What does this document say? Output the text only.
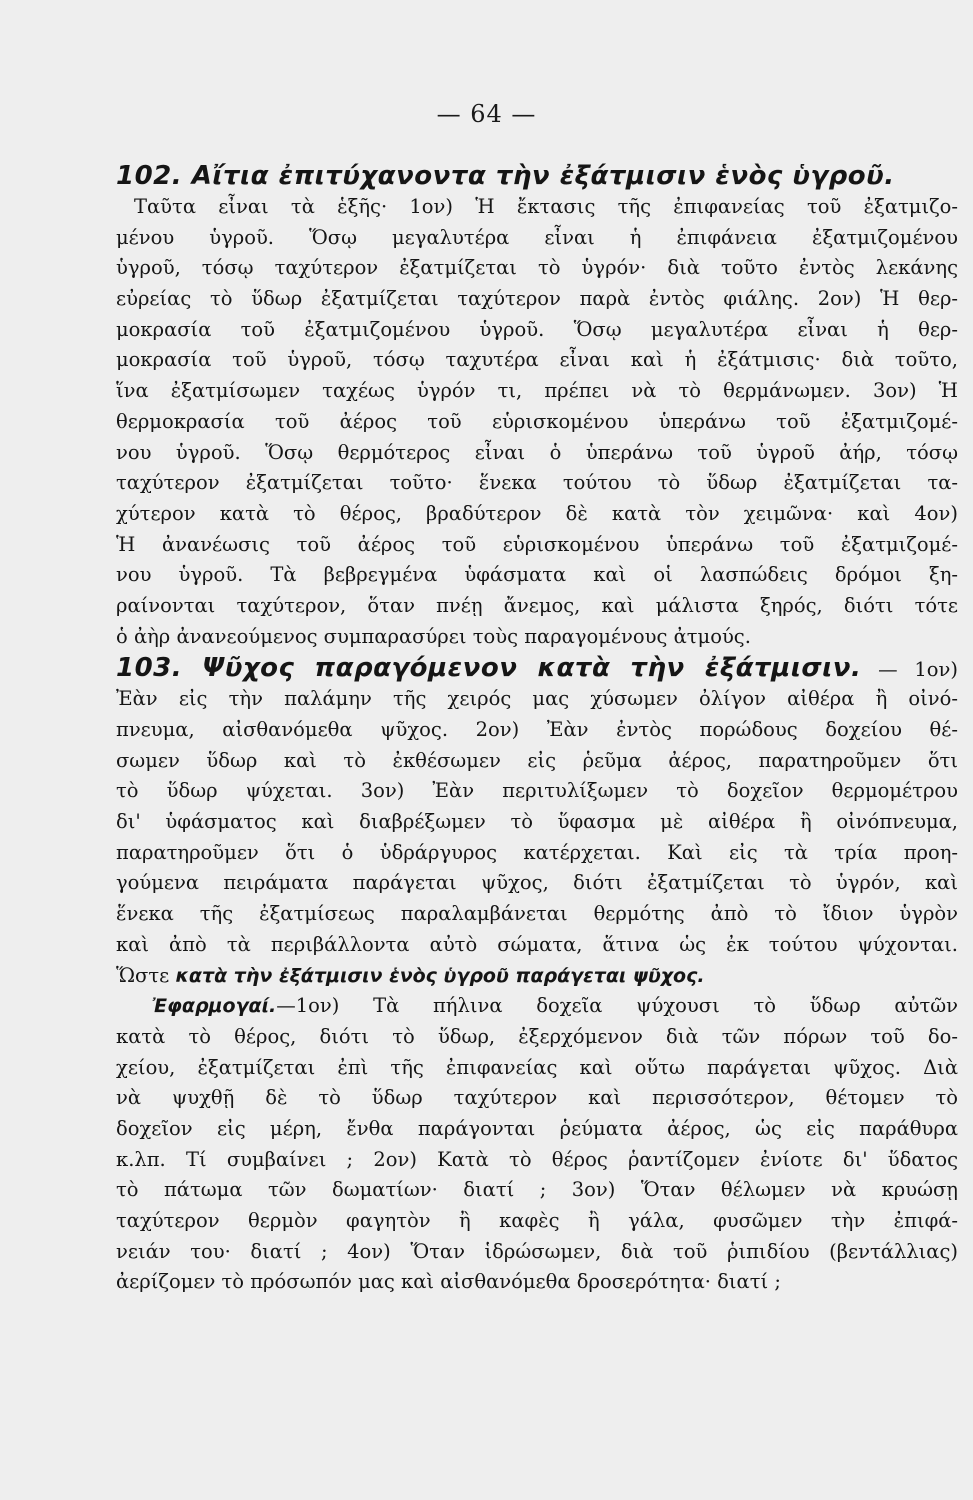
— 64 —
102. Αἴτια ἐπιτύχανοντα τὴν ἐξάτμισιν ἑνὸς ὑγροῦ.
Ταῦτα εἶναι τὰ ἑξῆς· 1ον) Ἡ ἔκτασις τῆς ἐπιφανείας τοῦ ἐξατμιζο-
μένου ὑγροῦ. Ὅσῳ μεγαλυτέρα εἶναι ἡ ἐπιφάνεια ἐξατμιζομένου
ὑγροῦ, τόσῳ ταχύτερον ἐξατμίζεται τὸ ὑγρόν· διὰ τοῦτο ἐντὸς λεκάνης
εὐρείας τὸ ὕδωρ ἐξατμίζεται ταχύτερον παρὰ ἐντὸς φιάλης. 2ον) Ἡ θερ-
μοκρασία τοῦ ἐξατμιζομένου ὑγροῦ. Ὅσῳ μεγαλυτέρα εἶναι ἡ θερ-
μοκρασία τοῦ ὑγροῦ, τόσῳ ταχυτέρα εἶναι καὶ ἡ ἐξάτμισις· διὰ τοῦτο,
ἵνα ἐξατμίσωμεν ταχέως ὑγρόν τι, πρέπει νὰ τὸ θερμάνωμεν. 3ον) Ἡ
θερμοκρασία τοῦ ἀέρος τοῦ εὑρισκομένου ὑπεράνω τοῦ ἐξατμιζομέ-
νου ὑγροῦ. Ὅσῳ θερμότερος εἶναι ὁ ὑπεράνω τοῦ ὑγροῦ ἀήρ, τόσῳ
ταχύτερον ἐξατμίζεται τοῦτο· ἕνεκα τούτου τὸ ὕδωρ ἐξατμίζεται τα-
χύτερον κατὰ τὸ θέρος, βραδύτερον δὲ κατὰ τὸν χειμῶνα· καὶ 4ον)
Ἡ ἀνανέωσις τοῦ ἀέρος τοῦ εὑρισκομένου ὑπεράνω τοῦ ἐξατμιζομέ-
νου ὑγροῦ. Τὰ βεβρεγμένα ὑφάσματα καὶ οἱ λασπώδεις δρόμοι ξη-
ραίνονται ταχύτερον, ὅταν πνέῃ ἄνεμος, καὶ μάλιστα ξηρός, διότι τότε
ὁ ἀὴρ ἀνανεούμενος συμπαρασύρει τοὺς παραγομένους ἀτμούς.
103. Ψῦχος παραγόμενον κατὰ τὴν ἐξάτμισιν. — 1ον)
Ἐὰν εἰς τὴν παλάμην τῆς χειρός μας χύσωμεν ὀλίγον αἰθέρα ἢ οἰνό-
πνευμα, αἰσθανόμεθα ψῦχος. 2ον) Ἐὰν ἐντὸς πορώδους δοχείου θέ-
σωμεν ὕδωρ καὶ τὸ ἐκθέσωμεν εἰς ῥεῦμα ἀέρος, παρατηροῦμεν ὅτι
τὸ ὕδωρ ψύχεται. 3ον) Ἐὰν περιτυλίξωμεν τὸ δοχεῖον θερμομέτρου
δι' ὑφάσματος καὶ διαβρέξωμεν τὸ ὕφασμα μὲ αἰθέρα ἢ οἰνόπνευμα,
παρατηροῦμεν ὅτι ὁ ὑδράργυρος κατέρχεται. Καὶ εἰς τὰ τρία προη-
γούμενα πειράματα παράγεται ψῦχος, διότι ἐξατμίζεται τὸ ὑγρόν, καὶ
ἕνεκα τῆς ἐξατμίσεως παραλαμβάνεται θερμότης ἀπὸ τὸ ἴδιον ὑγρὸν
καὶ ἀπὸ τὰ περιβάλλοντα αὐτὸ σώματα, ἅτινα ὡς ἐκ τούτου ψύχονται.
Ὥστε κατὰ τὴν ἐξάτμισιν ἑνὸς ὑγροῦ παράγεται ψῦχος.
Ἐφαρμογαί.—1ον) Τὰ πήλινα δοχεῖα ψύχουσι τὸ ὕδωρ αὐτῶν
κατὰ τὸ θέρος, διότι τὸ ὕδωρ, ἐξερχόμενον διὰ τῶν πόρων τοῦ δο-
χείου, ἐξατμίζεται ἐπὶ τῆς ἐπιφανείας καὶ οὕτω παράγεται ψῦχος. Διὰ
νὰ ψυχθῇ δὲ τὸ ὕδωρ ταχύτερον καὶ περισσότερον, θέτομεν τὸ
δοχεῖον εἰς μέρη, ἔνθα παράγονται ῥεύματα ἀέρος, ὡς εἰς παράθυρα
κ.λπ. Τί συμβαίνει ; 2ον) Κατὰ τὸ θέρος ῥαντίζομεν ἐνίοτε δι' ὕδατος
τὸ πάτωμα τῶν δωματίων· διατί ; 3ον) Ὅταν θέλωμεν νὰ κρυώσῃ
ταχύτερον θερμὸν φαγητὸν ἢ καφὲς ἢ γάλα, φυσῶμεν τὴν ἐπιφά-
νειάν του· διατί ; 4ον) Ὅταν ἱδρώσωμεν, διὰ τοῦ ῥιπιδίου (βεντάλλιας)
ἀερίζομεν τὸ πρόσωπόν μας καὶ αἰσθανόμεθα δροσερότητα· διατί ;
